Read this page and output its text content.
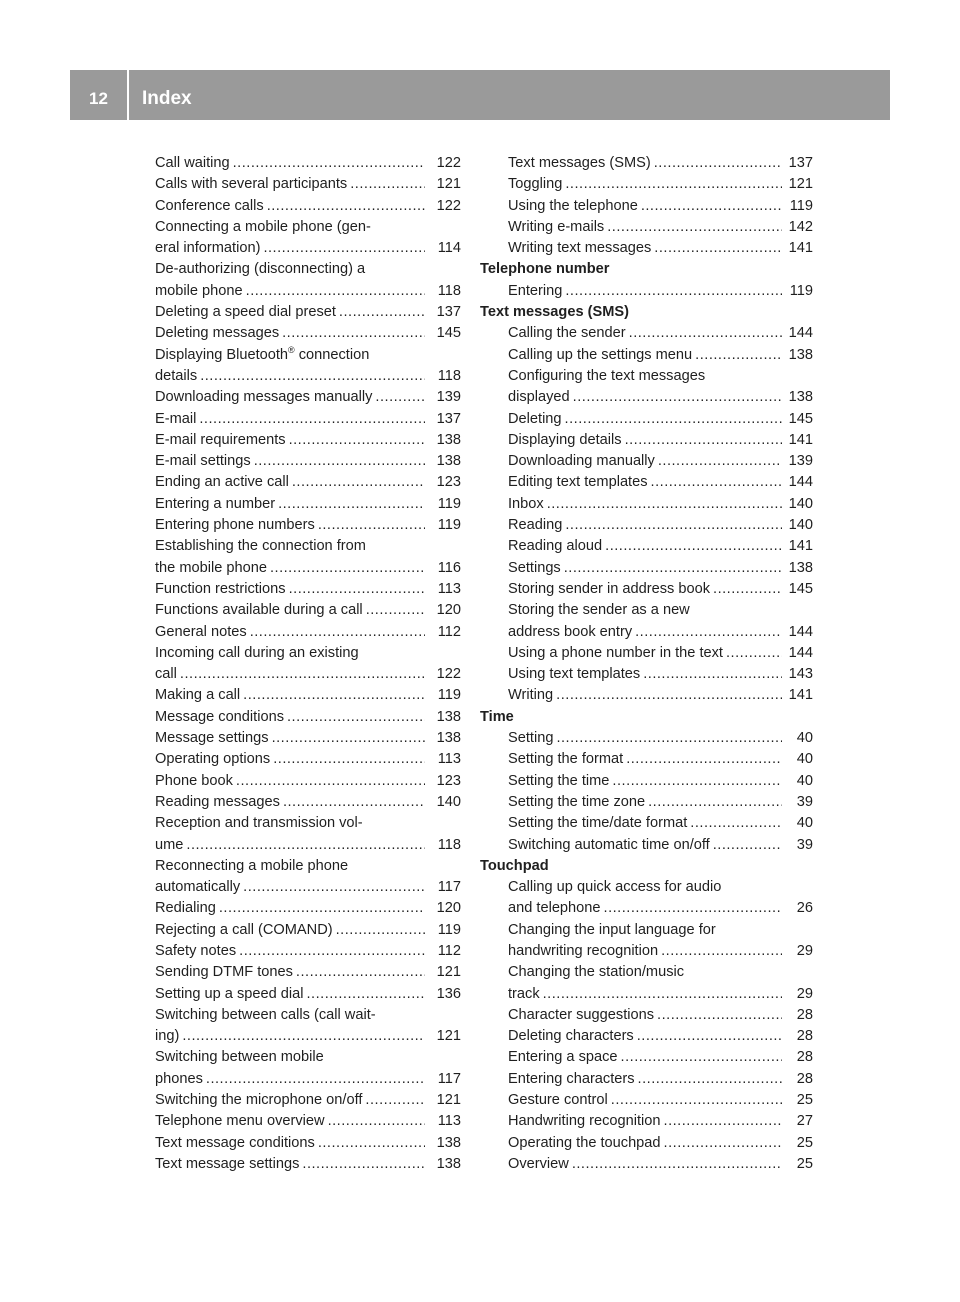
12	Index
Call waiting .....	122
Calls with several participants .....	121
Conference calls .....	122
Connecting a mobile phone (gen-
eral information) .....	114
De-authorizing (disconnecting) a
mobile phone .....	118
Deleting a speed dial preset .....	137
Deleting messages .....	145
Displaying Bluetooth® connection
details .....	118
Downloading messages manually .....	139
E-mail .....	137
E-mail requirements .....	138
E-mail settings .....	138
Ending an active call .....	123
Entering a number .....	119
Entering phone numbers .....	119
Establishing the connection from
the mobile phone .....	116
Function restrictions .....	113
Functions available during a call .....	120
General notes .....	112
Incoming call during an existing
call .....	122
Making a call .....	119
Message conditions .....	138
Message settings .....	138
Operating options .....	113
Phone book .....	123
Reading messages .....	140
Reception and transmission vol-
ume .....	118
Reconnecting a mobile phone
automatically .....	117
Redialing .....	120
Rejecting a call (COMAND) .....	119
Safety notes .....	112
Sending DTMF tones .....	121
Setting up a speed dial .....	136
Switching between calls (call wait-
ing) .....	121
Switching between mobile
phones .....	117
Switching the microphone on/off .....	121
Telephone menu overview .....	113
Text message conditions .....	138
Text message settings .....	138
Text messages (SMS) .....	137
Toggling .....	121
Using the telephone .....	119
Writing e-mails .....	142
Writing text messages .....	141
Telephone number
Entering .....	119
Text messages (SMS)
Calling the sender .....	144
Calling up the settings menu .....	138
Configuring the text messages
displayed .....	138
Deleting .....	145
Displaying details .....	141
Downloading manually .....	139
Editing text templates .....	144
Inbox .....	140
Reading .....	140
Reading aloud .....	141
Settings .....	138
Storing sender in address book .....	145
Storing the sender as a new
address book entry .....	144
Using a phone number in the text .....	144
Using text templates .....	143
Writing .....	141
Time
Setting .....	40
Setting the format .....	40
Setting the time .....	40
Setting the time zone .....	39
Setting the time/date format .....	40
Switching automatic time on/off .....	39
Touchpad
Calling up quick access for audio
and telephone .....	26
Changing the input language for
handwriting recognition .....	29
Changing the station/music
track .....	29
Character suggestions .....	28
Deleting characters .....	28
Entering a space .....	28
Entering characters .....	28
Gesture control .....	25
Handwriting recognition .....	27
Operating the touchpad .....	25
Overview .....	25
